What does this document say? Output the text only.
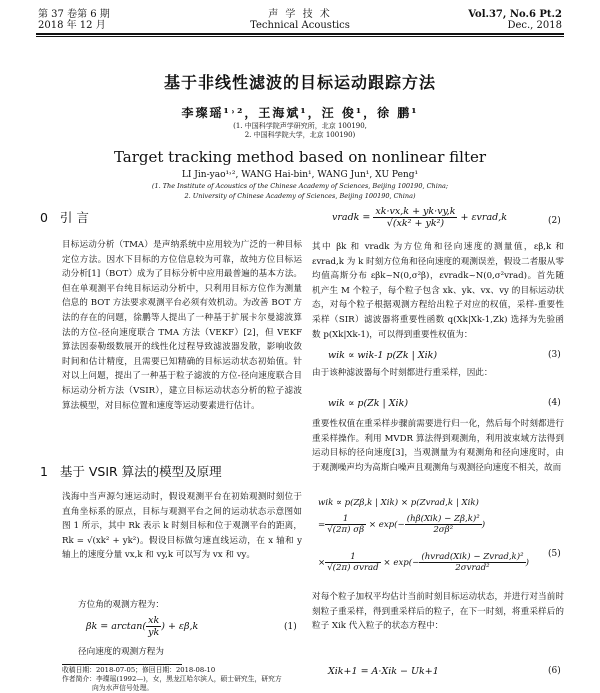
第 37 卷第 6 期
2018 年 12 月
声 学 技 术
Technical Acoustics
Vol.37, No.6 Pt.2
Dec., 2018
基于非线性滤波的目标运动跟踪方法
李璨瑶¹˒²，王海斌¹，汪 俊¹，徐 鹏¹
(1. 中国科学院声学研究所，北京 100190,
2. 中国科学院大学，北京 100190)
Target tracking method based on nonlinear filter
LI Jin-yao¹˒², WANG Hai-bin¹, WANG Jun¹, XU Peng¹
(1. The Institute of Acoustics of the Chinese Academy of Sciences, Beijing 100190, China;
2. University of Chinese Academy of Sciences, Beijing 100190, China)
0 引 言
目标运动分析（TMA）是声纳系统中应用较为广泛的一种目标定位方法。因水下目标的方位信息较为可靠，故纯方位目标运动分析[1]（BOT）成为了目标分析中应用最普遍的基本方法。但在单观测平台纯目标运动分析中，只利用目标方位作为测量信息的 BOT 方法要求观测平台必须有效机动。为改善 BOT 方法的存在的问题，徐鹏等人提出了一种基于扩展卡尔曼滤波算法的方位-径向速度联合 TMA 方法（VEKF）[2]，但 VEKF 算法因泰勒级数展开的线性化过程导致滤波器发散，影响收敛时间和估计精度，且需要已知精确的目标运动状态初始值。针对以上问题，提出了一种基于粒子滤波的方位-径向速度联合目标运动分析方法（VSIR），建立目标运动状态分析的粒子滤波算法模型，对目标位置和速度等运动要素进行估计。
1 基于 VSIR 算法的模型及原理
浅海中当声源匀速运动时，假设观测平台在初始观测时刻位于直角坐标系的原点，目标与观测平台之间的运动状态示意图如图 1 所示，其中 Rk 表示 k 时刻目标和位于观测平台的距离，Rk = √(xk² + yk²)。假设目标做匀速直线运动，在 x 轴和 y 轴上的速度分量 vx,k 和 vy,k 可以写为 vx 和 vy。
方位角的观测方程为：
$\beta k = \arctan( \frac{xk}{yk}$ ) + εβ,k	(1)
径向速度的观测方程为
收稿日期：2018-07-05；修回日期：2018-08-10
作者简介：李璨瑶(1992—)，女，黑龙江哈尔滨人，硕士研究生，研究方
向为水声信号处理。
vradk = $\frac{xk\cdot vx,k + yk\cdot vy,k}{\text{√(xk² + yk²)}}$ + εvrad,k	(2)
其中 βk 和 vradk 为方位角和径向速度的测量值，εβ,k 和 εvrad,k 为 k 时刻方位角和径向速度的观测误差，假设二者服从零均值高斯分布 εβk~N(0,σ²β)，εvradk~N(0,σ²vrad)。首先随机产生 M 个粒子，每个粒子包含 xk、yk、vx、vy 的目标运动状态，对每个粒子根据观测方程给出粒子对应的权值，采样-重要性采样（SIR）滤波器将重要性函数 q(Xk|Xk-1,Zk) 选择为先验函数 p(Xk|Xk-1)，可以得到重要性权值为：
wik ∝ wik-1 p(Zk | Xik)	(3)
由于该种滤波器每个时刻都进行重采样，因此：
wik ∝ p(Zk | Xik)	(4)
重要性权值在重采样步骤前需要进行归一化，然后每个时刻都进行重采样操作。利用 MVDR 算法得到观测角，利用波束域方法得到运动目标的径向速度[3]，当观测量为有观测角和径向速度时，由于观测噪声均为高斯白噪声且观测角与观测径向速度不相关，故而
wik ∝ p(Zβ,k | Xik) × p(Zvrad,k | Xik)
= $\frac{1}{√(2\pi) \sigma\beta} \times \exp(- \frac{\text{(hβ(Xik) − Zβ,k)²}}{\text{2σβ²}}$ )
× $\frac{1}{\text{√(2π) σvrad}} \times \exp(- \frac{\text{(hvrad(Xik) − Zvrad,k)²}}{\text{2σvrad²}}$ )
(5)
对每个粒子加权平均估计当前时刻目标运动状态，并进行对当前时刻粒子重采样，得到重采样后的粒子，在下一时刻，将重采样后的粒子 Xik 代入粒子的状态方程中：
Xik+1 = A·Xik − Uk+1	(6)
